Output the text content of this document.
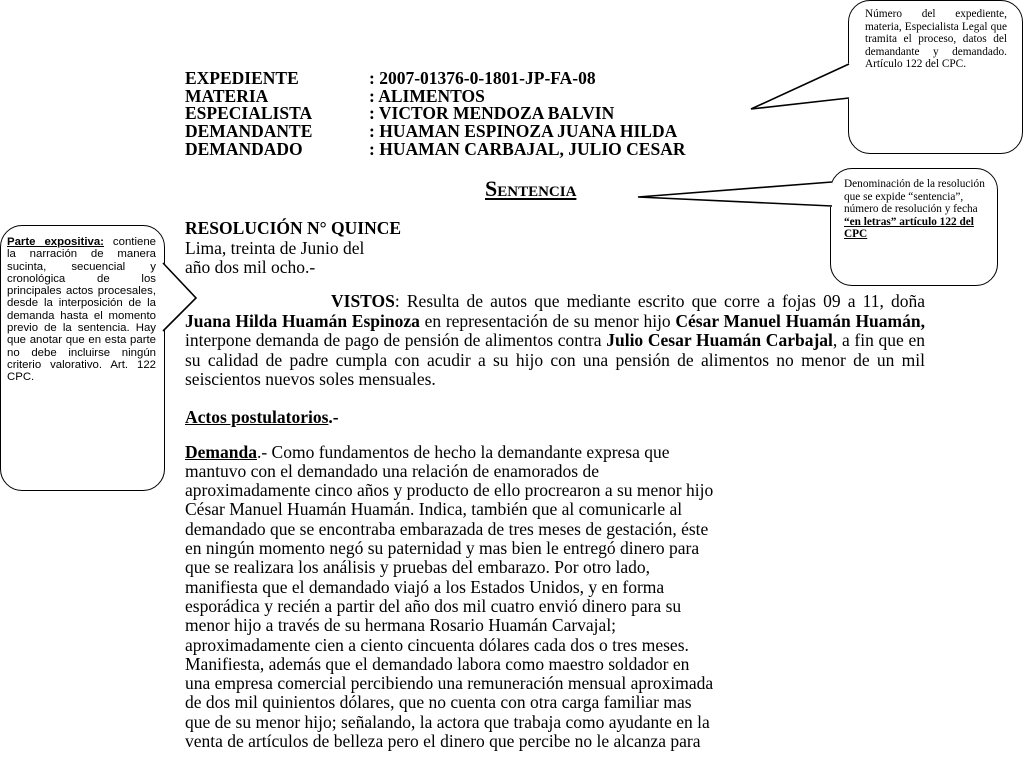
EXPEDIENTE	: 2007-01376-0-1801-JP-FA-08
MATERIA	: ALIMENTOS
ESPECIALISTA	: VICTOR MENDOZA BALVIN
DEMANDANTE	: HUAMAN ESPINOZA JUANA HILDA
DEMANDADO	: HUAMAN CARBAJAL, JULIO CESAR
Sentencia
RESOLUCIÓN N° QUINCE
Lima, treinta de Junio del
año dos mil ocho.-

VISTOS: Resulta de autos que mediante escrito que corre a fojas 09 a 11, doña Juana Hilda Huamán Espinoza en representación de su menor hijo César Manuel Huamán Huamán, interpone demanda de pago de pensión de alimentos contra Julio Cesar Huamán Carbajal, a fin que en su calidad de padre cumpla con acudir a su hijo con una pensión de alimentos no menor de un mil seiscientos nuevos soles mensuales.

Actos postulatorios.-
Demanda.- Como fundamentos de hecho la demandante expresa que
mantuvo con el demandado una relación de enamorados de
aproximadamente cinco años y producto de ello procrearon a su menor hijo
César Manuel Huamán Huamán. Indica, también que al comunicarle al
demandado que se encontraba embarazada de tres meses de gestación, éste
en ningún momento negó su paternidad y mas bien le entregó dinero para
que se realizara los análisis y pruebas del embarazo. Por otro lado,
manifiesta que el demandado viajó a los Estados Unidos, y en forma
esporádica y recién a partir del año dos mil cuatro envió dinero para su
menor hijo a través de su hermana Rosario Huamán Carvajal;
aproximadamente cien a ciento cincuenta dólares cada dos o tres meses.
Manifiesta, además que el demandado labora como maestro soldador en
una empresa comercial percibiendo una remuneración mensual aproximada
de dos mil quinientos dólares, que no cuenta con otra carga familiar mas
que de su menor hijo; señalando, la actora que trabaja como ayudante en la
venta de artículos de belleza pero el dinero que percibe no le alcanza para
Número del expediente, materia, Especialista Legal que tramita el proceso, datos del demandante y demandado. Artículo 122 del CPC.
Denominación de la resolución que se expide “sentencia”, número de resolución y fecha “en letras” artículo 122 del CPC
Parte expositiva: contiene la narración de manera sucinta, secuencial y cronológica de los principales actos procesales, desde la interposición de la demanda hasta el momento previo de la sentencia. Hay que anotar que en esta parte no debe incluirse ningún criterio valorativo. Art. 122 CPC.
